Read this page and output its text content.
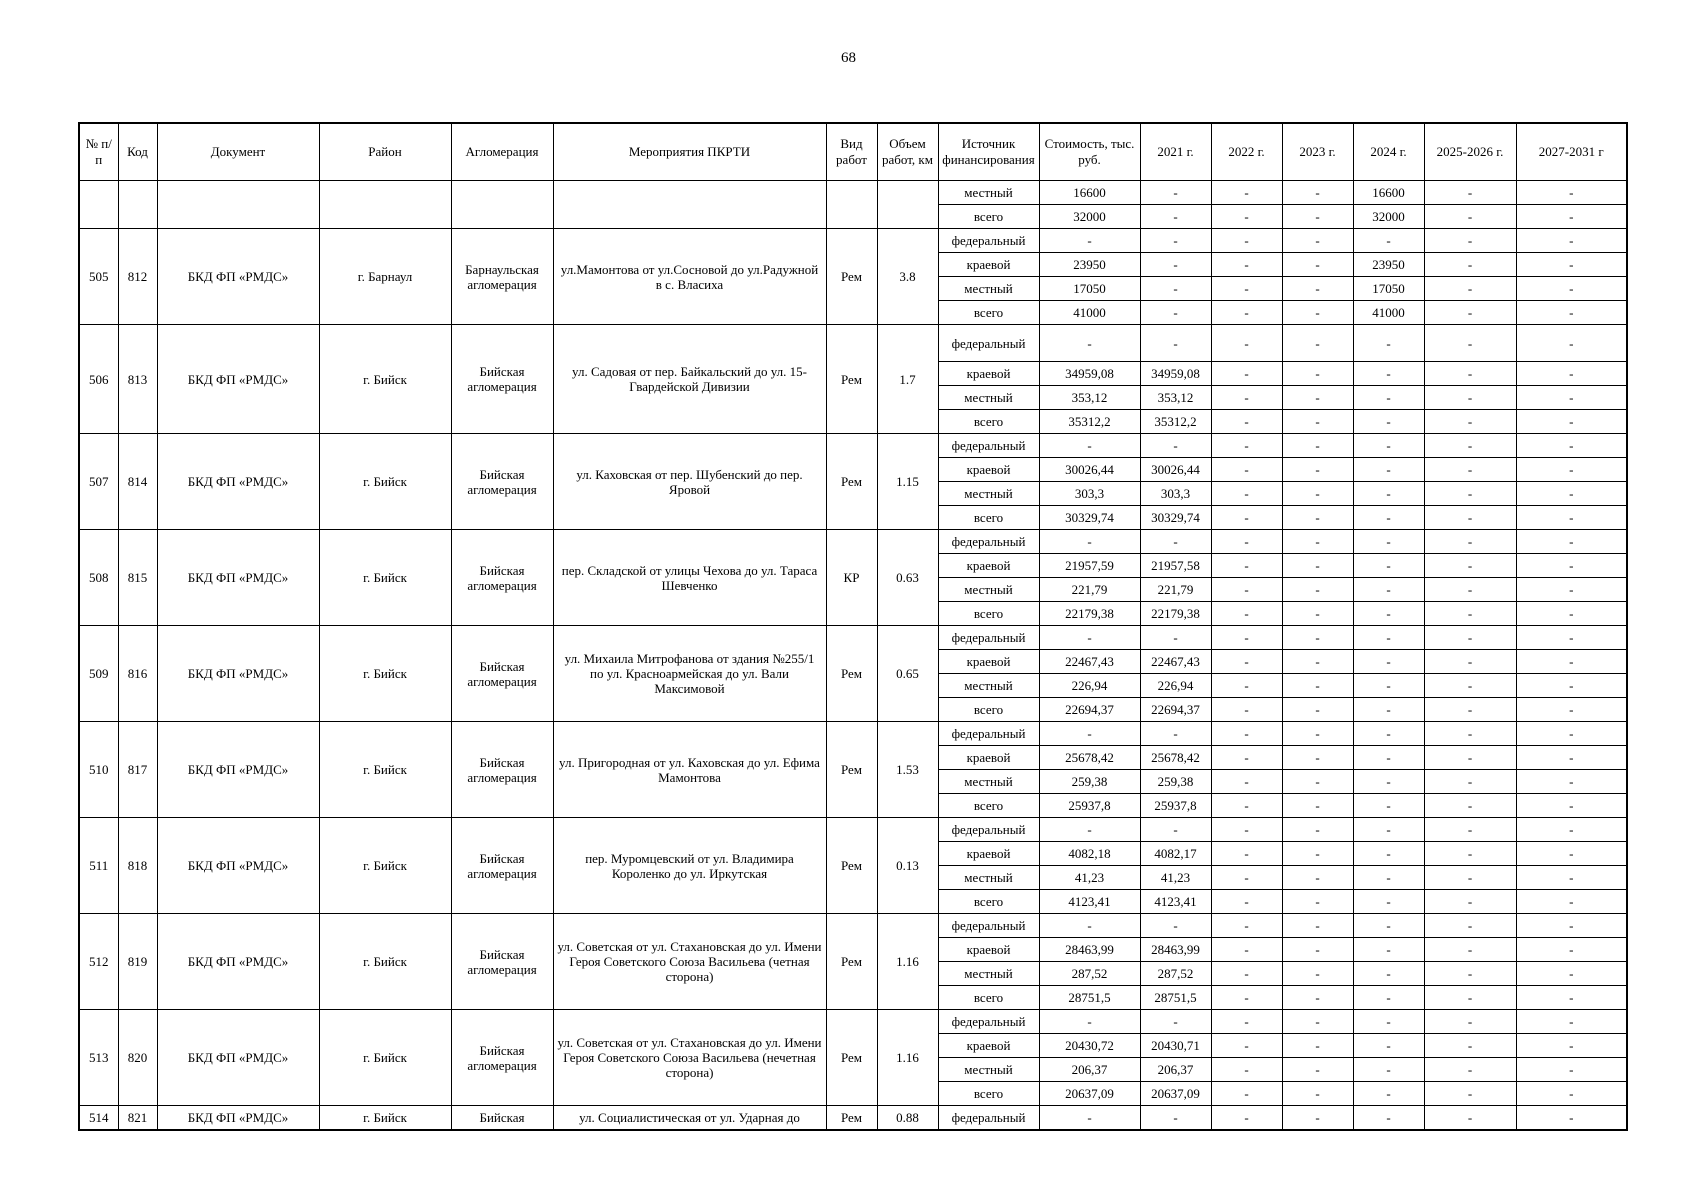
68
№ п/п	Код	Документ	Район	Агломерация	Мероприятия ПКРТИ	Вид работ	Объем работ, км	Источник финансирования	Стоимость, тыс. руб.	2021 г.	2022 г.	2023 г.	2024 г.	2025-2026 г.	2027-2031 г
								местный	16600	-	-	-	16600	-	-
								всего	32000	-	-	-	32000	-	-
505	812	БКД ФП «РМДС»	г. Барнаул	Барнаульская агломерация	ул.Мамонтова от ул.Сосновой до ул.Радужной в с. Власиха	Рем	3.8	федеральный	-	-	-	-	-	-	-
								краевой	23950	-	-	-	23950	-	-
								местный	17050	-	-	-	17050	-	-
								всего	41000	-	-	-	41000	-	-
506	813	БКД ФП «РМДС»	г. Бийск	Бийская агломерация	ул. Садовая от пер. Байкальский до ул. 15-Гвардейской Дивизии	Рем	1.7	федеральный	-	-	-	-	-	-	-
								краевой	34959,08	34959,08	-	-	-	-	-
								местный	353,12	353,12	-	-	-	-	-
								всего	35312,2	35312,2	-	-	-	-	-
507	814	БКД ФП «РМДС»	г. Бийск	Бийская агломерация	ул. Каховская от пер. Шубенский до пер. Яровой	Рем	1.15	федеральный	-	-	-	-	-	-	-
								краевой	30026,44	30026,44	-	-	-	-	-
								местный	303,3	303,3	-	-	-	-	-
								всего	30329,74	30329,74	-	-	-	-	-
508	815	БКД ФП «РМДС»	г. Бийск	Бийская агломерация	пер. Складской от улицы Чехова до ул. Тараса Шевченко	КР	0.63	федеральный	-	-	-	-	-	-	-
								краевой	21957,59	21957,58	-	-	-	-	-
								местный	221,79	221,79	-	-	-	-	-
								всего	22179,38	22179,38	-	-	-	-	-
509	816	БКД ФП «РМДС»	г. Бийск	Бийская агломерация	ул. Михаила Митрофанова от здания №255/1 по ул. Красноармейская до ул. Вали Максимовой	Рем	0.65	федеральный	-	-	-	-	-	-	-
								краевой	22467,43	22467,43	-	-	-	-	-
								местный	226,94	226,94	-	-	-	-	-
								всего	22694,37	22694,37	-	-	-	-	-
510	817	БКД ФП «РМДС»	г. Бийск	Бийская агломерация	ул. Пригородная от ул. Каховская до ул. Ефима Мамонтова	Рем	1.53	федеральный	-	-	-	-	-	-	-
								краевой	25678,42	25678,42	-	-	-	-	-
								местный	259,38	259,38	-	-	-	-	-
								всего	25937,8	25937,8	-	-	-	-	-
511	818	БКД ФП «РМДС»	г. Бийск	Бийская агломерация	пер. Муромцевский от ул. Владимира Короленко до ул. Иркутская	Рем	0.13	федеральный	-	-	-	-	-	-	-
								краевой	4082,18	4082,17	-	-	-	-	-
								местный	41,23	41,23	-	-	-	-	-
								всего	4123,41	4123,41	-	-	-	-	-
512	819	БКД ФП «РМДС»	г. Бийск	Бийская агломерация	ул. Советская от ул. Стахановская до ул. Имени Героя Советского Союза Васильева (четная сторона)	Рем	1.16	федеральный	-	-	-	-	-	-	-
								краевой	28463,99	28463,99	-	-	-	-	-
								местный	287,52	287,52	-	-	-	-	-
								всего	28751,5	28751,5	-	-	-	-	-
513	820	БКД ФП «РМДС»	г. Бийск	Бийская агломерация	ул. Советская от ул. Стахановская до ул. Имени Героя Советского Союза Васильева (нечетная сторона)	Рем	1.16	федеральный	-	-	-	-	-	-	-
								краевой	20430,72	20430,71	-	-	-	-	-
								местный	206,37	206,37	-	-	-	-	-
								всего	20637,09	20637,09	-	-	-	-	-
514	821	БКД ФП «РМДС»	г. Бийск	Бийская	ул. Социалистическая от ул. Ударная до	Рем	0.88	федеральный	-	-	-	-	-	-	-
